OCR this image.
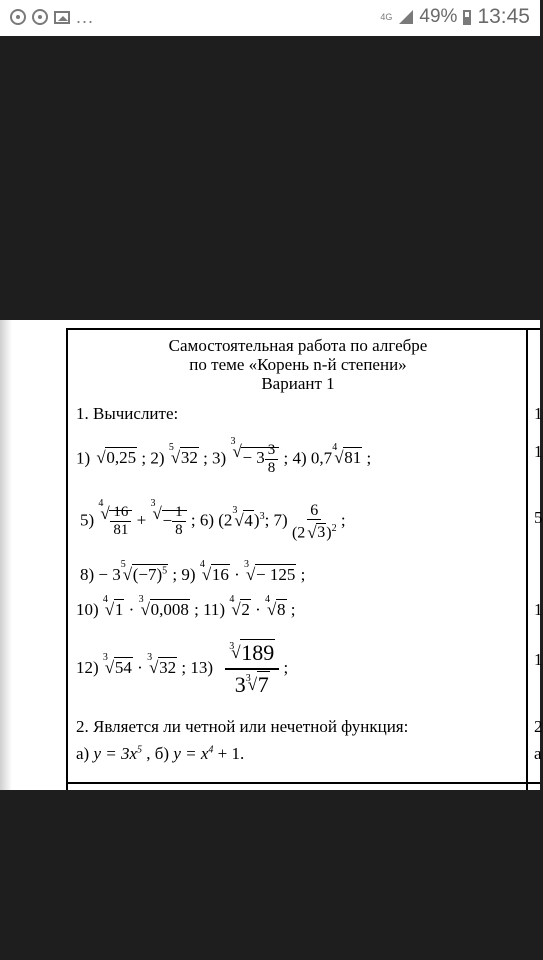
...	4G 49% 13:45
Самостоятельная работа по алгебре
по теме «Корень n-й степени»
Вариант 1
1. Вычислите:
1) √ 0,25 ; 2)
√ 5
32 ; 3)
√ 3
− $3 \frac{3}{8}$ ; 4) 0,7
√ 4
81 ;
5)
√ 4
$\frac{16}{81}$ +
√ 3
− $\frac{1}{8}$ ; 6) (2
√ 3
4)$^3$; $7) \frac{6}{(2√ 3)^2}$ ;
8) − 3
√ 5
$(-7)^5$ ; 9)
√ 4
16 ·
√ 3
− 125 ;
10)
√ 4
1 ·
√ 3
0,008 ; 11)
√ 4
2 ·
√ 4
8 ;
12)
√ 3
54 ·
√ 3
32 ; 13)
√ 3 189
3
√ 3 7 ;
2. Является ли четной или нечетной функция:
а) $y = 3x^5$ , б) $y = x^4 + 1$.
1
1
5
1
1
2
а
